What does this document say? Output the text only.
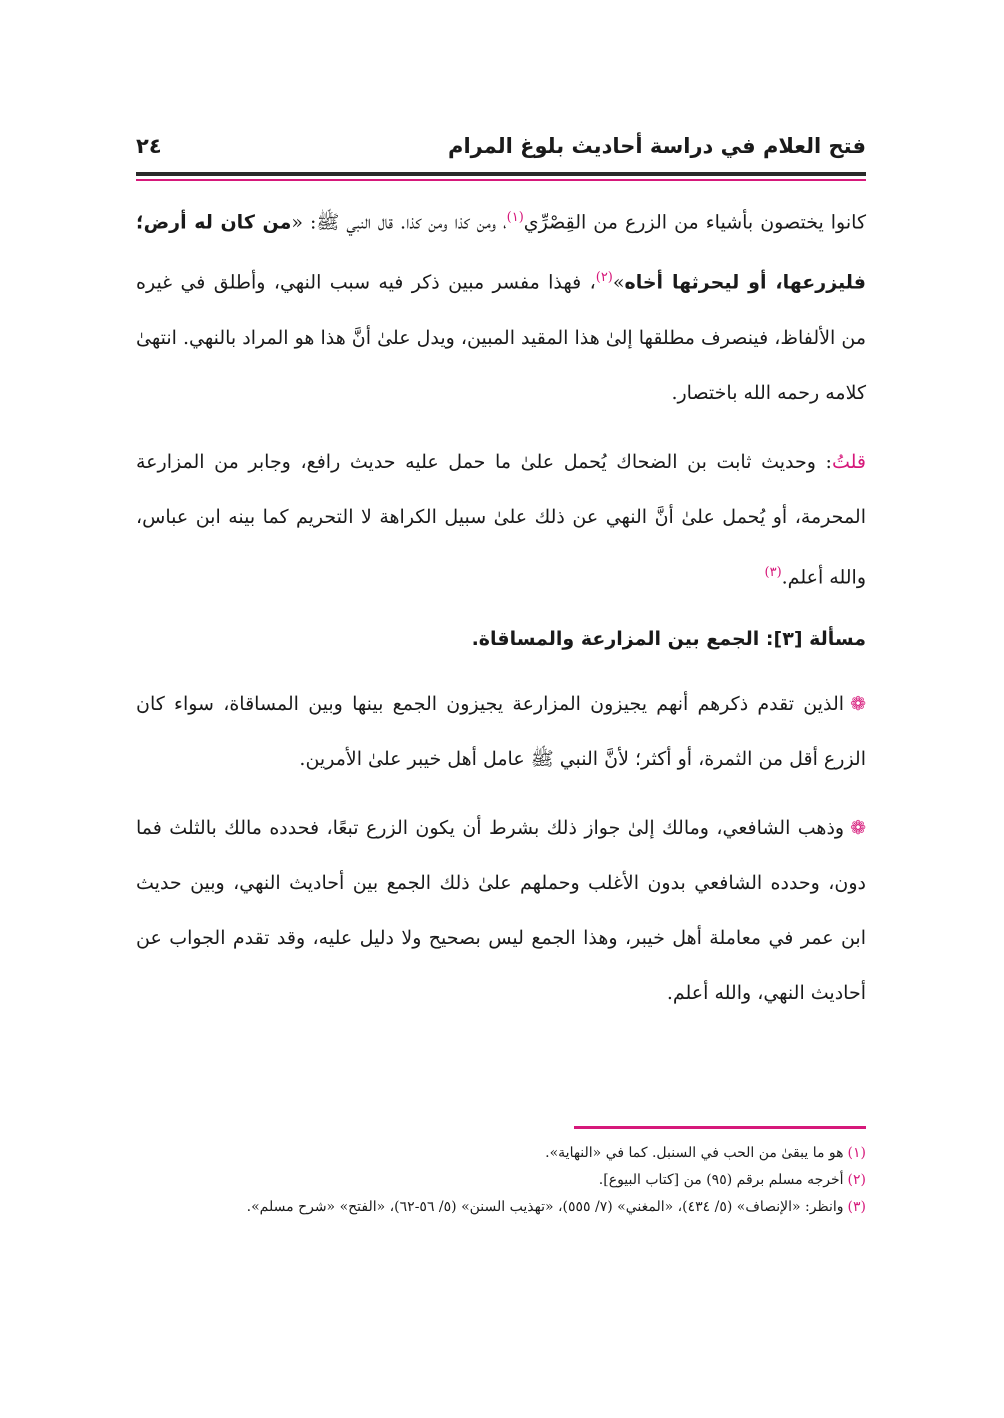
فتح العلام في دراسة أحاديث بلوغ المرام
٢٤

كانوا يختصون بأشياء من الزرع من القِصْرِّي$^{(١)}$، ومن كذا ومن كذا. قال النبي ﷺ: «من كان له أرض؛ فليزرعها، أو ليحرثها أخاه»$^{(٢)}$، فهذا مفسر مبين ذكر فيه سبب النهي، وأطلق في غيره من الألفاظ، فينصرف مطلقها إلىٰ هذا المقيد المبين، ويدل علىٰ أنَّ هذا هو المراد بالنهي. انتهىٰ كلامه رحمه الله باختصار.

قلتُ: وحديث ثابت بن الضحاك يُحمل علىٰ ما حمل عليه حديث رافع، وجابر من المزارعة المحرمة، أو يُحمل علىٰ أنَّ النهي عن ذلك علىٰ سبيل الكراهة لا التحريم كما بينه ابن عباس، والله أعلم.$^{(٣)}$

مسألة [٣]: الجمع بين المزارعة والمساقاة.

❁الذين تقدم ذكرهم أنهم يجيزون المزارعة يجيزون الجمع بينها وبين المساقاة، سواء كان الزرع أقل من الثمرة، أو أكثر؛ لأنَّ النبي ﷺ عامل أهل خيبر علىٰ الأمرين.

❁وذهب الشافعي، ومالك إلىٰ جواز ذلك بشرط أن يكون الزرع تبعًا، فحدده مالك بالثلث فما دون، وحدده الشافعي بدون الأغلب وحملهم علىٰ ذلك الجمع بين أحاديث النهي، وبين حديث ابن عمر في معاملة أهل خيبر، وهذا الجمع ليس بصحيح ولا دليل عليه، وقد تقدم الجواب عن أحاديث النهي، والله أعلم.

(١)هو ما يبقىٰ من الحب في السنبل. كما في «النهاية».

(٢)أخرجه مسلم برقم (٩٥) من [كتاب البيوع].

(٣)وانظر: «الإنصاف» (٥/ ٤٣٤)، «المغني» (٧/ ٥٥٥)، «تهذيب السنن» (٥/ ٥٦-٦٢)، «الفتح» «شرح مسلم».
